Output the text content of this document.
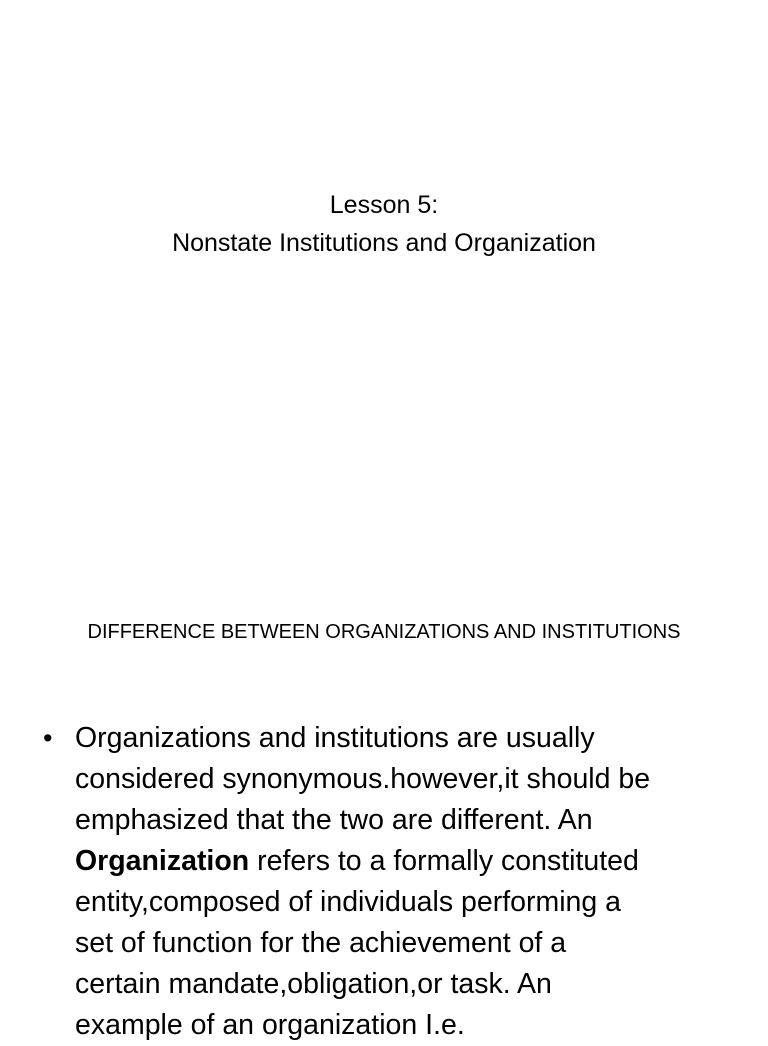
Lesson 5:
Nonstate Institutions and Organization
DIFFERENCE BETWEEN ORGANIZATIONS AND INSTITUTIONS
• Organizations and institutions are usually
considered synonymous.however,it should be
emphasized that the two are different. An
Organization refers to a formally constituted
entity,composed of individuals performing a
set of function for the achievement of a
certain mandate,obligation,or task. An
example of an organization I.e.
